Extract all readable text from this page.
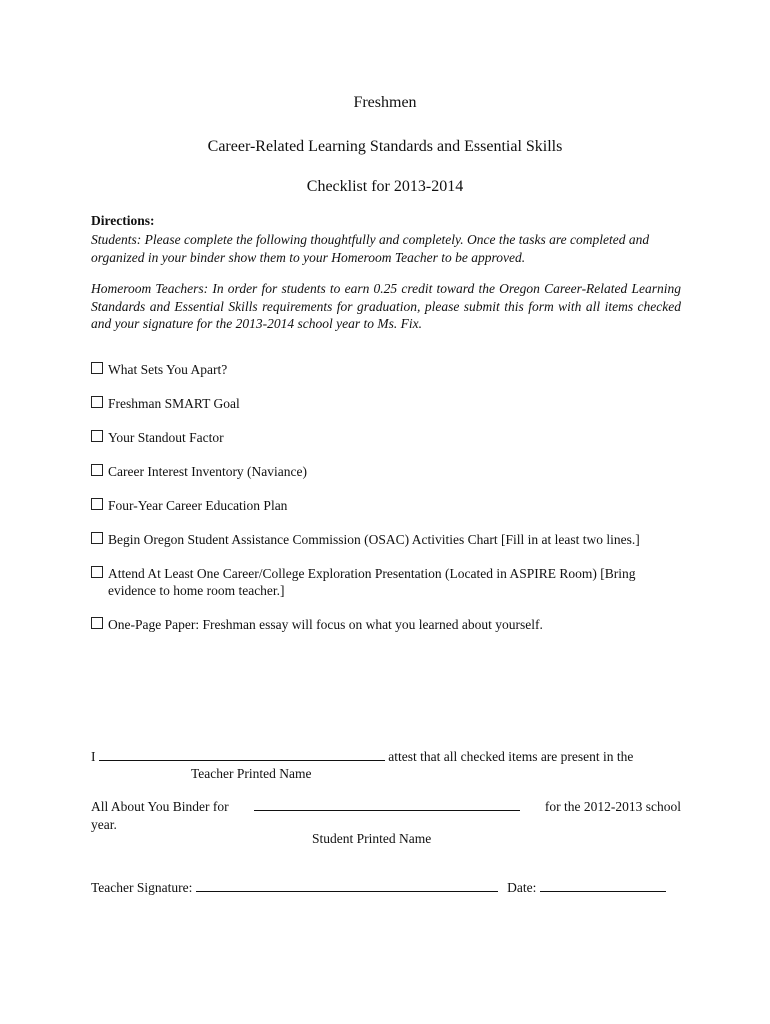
Freshmen
Career-Related Learning Standards and Essential Skills
Checklist for 2013-2014
Directions:

Students: Please complete the following thoughtfully and completely. Once the tasks are completed and organized in your binder show them to your Homeroom Teacher to be approved.

Homeroom Teachers: In order for students to earn 0.25 credit toward the Oregon Career-Related Learning Standards and Essential Skills requirements for graduation, please submit this form with all items checked and your signature for the 2013-2014 school year to Ms. Fix.

What Sets You Apart?
Freshman SMART Goal
Your Standout Factor
Career Interest Inventory (Naviance)
Four-Year Career Education Plan
Begin Oregon Student Assistance Commission (OSAC) Activities Chart [Fill in at least two lines.]
Attend At Least One Career/College Exploration Presentation (Located in ASPIRE Room) [Bring evidence to home room teacher.]
One-Page Paper: Freshman essay will focus on what you learned about yourself.
I	attest that all checked items are present in the
Teacher Printed Name
All About You Binder for	for the 2012-2013 school
year.
Student Printed Name
Teacher Signature:	Date:
